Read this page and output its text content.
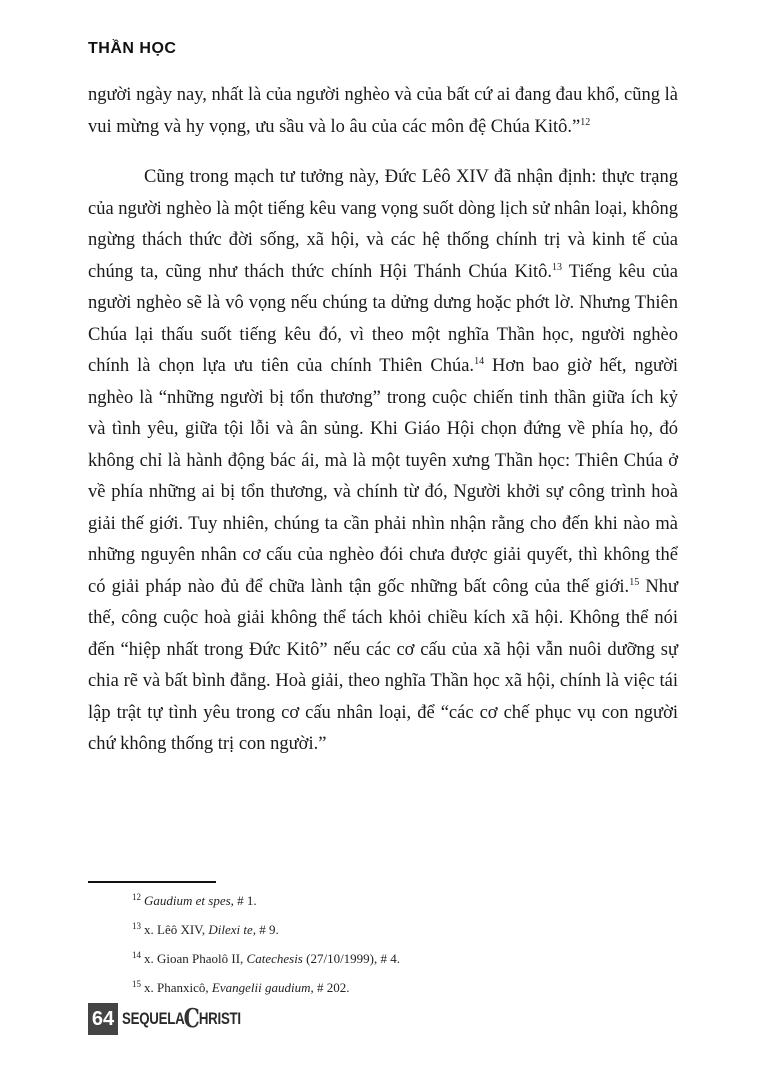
THẦN HỌC

người ngày nay, nhất là của người nghèo và của bất cứ ai đang đau khổ, cũng là vui mừng và hy vọng, ưu sầu và lo âu của các môn đệ Chúa Kitô.”$^{12}$

Cũng trong mạch tư tưởng này, Đức Lêô XIV đã nhận định: thực trạng của người nghèo là một tiếng kêu vang vọng suốt dòng lịch sử nhân loại, không ngừng thách thức đời sống, xã hội, và các hệ thống chính trị và kinh tế của chúng ta, cũng như thách thức chính Hội Thánh Chúa Kitô.$^{13}$ Tiếng kêu của người nghèo sẽ là vô vọng nếu chúng ta dửng dưng hoặc phớt lờ. Nhưng Thiên Chúa lại thấu suốt tiếng kêu đó, vì theo một nghĩa Thần học, người nghèo chính là chọn lựa ưu tiên của chính Thiên Chúa.$^{14}$ Hơn bao giờ hết, người nghèo là “những người bị tổn thương” trong cuộc chiến tinh thần giữa ích kỷ và tình yêu, giữa tội lỗi và ân sủng. Khi Giáo Hội chọn đứng về phía họ, đó không chỉ là hành động bác ái, mà là một tuyên xưng Thần học: Thiên Chúa ở về phía những ai bị tổn thương, và chính từ đó, Người khởi sự công trình hoà giải thế giới. Tuy nhiên, chúng ta cần phải nhìn nhận rằng cho đến khi nào mà những nguyên nhân cơ cấu của nghèo đói chưa được giải quyết, thì không thể có giải pháp nào đủ để chữa lành tận gốc những bất công của thế giới.$^{15}$ Như thế, công cuộc hoà giải không thể tách khỏi chiều kích xã hội. Không thể nói đến “hiệp nhất trong Đức Kitô” nếu các cơ cấu của xã hội vẫn nuôi dưỡng sự chia rẽ và bất bình đẳng. Hoà giải, theo nghĩa Thần học xã hội, chính là việc tái lập trật tự tình yêu trong cơ cấu nhân loại, để “các cơ chế phục vụ con người chứ không thống trị con người.”

$^{12}$ Gaudium et spes, # 1.
$^{13}$ x. Lêô XIV, Dilexi te, # 9.
$^{14}$ x. Gioan Phaolô II, Catechesis (27/10/1999), # 4.
$^{15}$ x. Phanxicô, Evangelii gaudium, # 202.
64 SEQUELA C HRISTI
